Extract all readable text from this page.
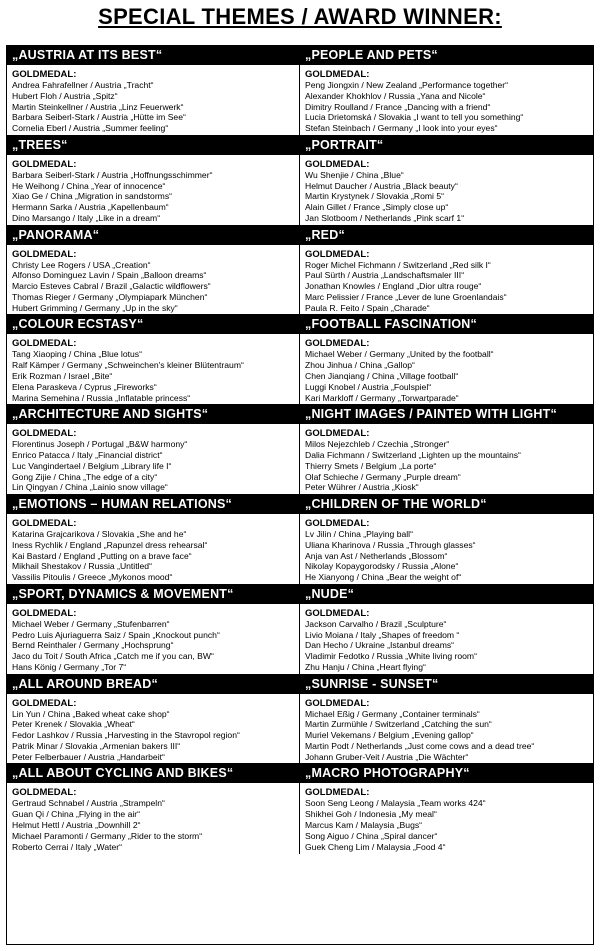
SPECIAL THEMES / AWARD WINNER:
„AUSTRIA AT ITS BEST“
GOLDMEDAL:
Andrea Fahrafellner / Austria „Tracht“
Hubert Floh / Austria „Spitz“
Martin Steinkellner / Austria „Linz Feuerwerk“
Barbara Seiberl-Stark / Austria „Hütte im See“
Cornelia Eberl / Austria „Summer feeling“
„PEOPLE AND PETS“
GOLDMEDAL:
Peng Jiongxin / New Zealand „Performance together“
Alexander Khokhlov / Russia „Yana and Nicole“
Dimitry Roulland / France „Dancing with a friend“
Lucia Drietomská / Slovakia „I want to tell you something“
Stefan Steinbach / Germany „I look into your eyes“
„TREES“
GOLDMEDAL:
Barbara Seiberl-Stark / Austria „Hoffnungsschimmer“
He Weihong / China „Year of innocence“
Xiao Ge / China „Migration in sandstorms“
Hermann Sarka / Austria „Kapellenbaum“
Dino Marsango / Italy „Like in a dream“
„PORTRAIT“
GOLDMEDAL:
Wu Shenjie / China „Blue“
Helmut Daucher / Austria „Black beauty“
Martin Krystynek / Slovakia „Romi 5“
Alain Gillet / France „Simply close up“
Jan Slotboom / Netherlands „Pink scarf 1“
„PANORAMA“
GOLDMEDAL:
Christy Lee Rogers / USA „Creation“
Alfonso Dominguez Lavin / Spain „Balloon dreams“
Marcio Esteves Cabral / Brazil „Galactic wildflowers“
Thomas Rieger / Germany „Olympiapark München“
Hubert Grimming / Germany „Up in the sky“
„RED“
GOLDMEDAL:
Roger Michel Fichmann / Switzerland „Red silk I“
Paul Sürth / Austria „Landschaftsmaler III“
Jonathan Knowles / England „Dior ultra rouge“
Marc Pelissier / France „Lever de lune Groenlandais“
Paula R. Feito / Spain „Charade“
„COLOUR ECSTASY“
GOLDMEDAL:
Tang Xiaoping / China „Blue lotus“
Ralf Kämper / Germany „Schweinchen's kleiner Blütentraum“
Erik Rozman / Israel „Bite“
Elena Paraskeva / Cyprus „Fireworks“
Marina Semehina / Russia „Inflatable princess“
„FOOTBALL FASCINATION“
GOLDMEDAL:
Michael Weber / Germany „United by the football“
Zhou Jinhua / China „Gallop“
Chen Jianqiang / China „Village football“
Luggi Knobel / Austria „Foulspiel“
Kari Markloff / Germany „Torwartparade“
„ARCHITECTURE AND SIGHTS“
GOLDMEDAL:
Florentinus Joseph / Portugal „B&W harmony“
Enrico Patacca / Italy „Financial district“
Luc Vangindertael / Belgium „Library life I“
Gong Zijie / China „The edge of a city“
Lin Qingyan / China „Lainio snow village“
„NIGHT IMAGES / PAINTED WITH LIGHT“
GOLDMEDAL:
Milos Nejezchleb / Czechia „Stronger“
Dalia Fichmann / Switzerland „Lighten up the mountains“
Thierry Smets / Belgium „La porte“
Olaf Schieche / Germany „Purple dream“
Peter Wührer / Austria „Kiosk“
„EMOTIONS – HUMAN RELATIONS“
GOLDMEDAL:
Katarina Grajcarikova / Slovakia „She and he“
Iness Rychlik / England „Rapunzel dress rehearsal“
Kai Bastard / England „Putting on a brave face“
Mikhail Shestakov / Russia „Untitled“
Vassilis Pitoulis / Greece „Mykonos mood“
„CHILDREN OF THE WORLD“
GOLDMEDAL:
Lv Jilin / China „Playing ball“
Uliana Kharinova / Russia „Through glasses“
Anja van Ast / Netherlands „Blossom“
Nikolay Kopaygorodsky / Russia „Alone“
He Xianyong / China „Bear the weight of“
„SPORT, DYNAMICS & MOVEMENT“
GOLDMEDAL:
Michael Weber / Germany „Stufenbarren“
Pedro Luis Ajuriaguerra Saiz / Spain „Knockout punch“
Bernd Reinthaler / Germany „Hochsprung“
Jaco du Toit / South Africa „Catch me if you can, BW“
Hans König / Germany „Tor 7“
„NUDE“
GOLDMEDAL:
Jackson Carvalho / Brazil „Sculpture“
Livio Moiana / Italy „Shapes of freedom “
Dan Hecho / Ukraine „Istanbul dreams“
Vladimir Fedotko / Russia „White living room“
Zhu Hanju / China „Heart flying“
„ALL AROUND BREAD“
GOLDMEDAL:
Lin Yun / China „Baked wheat cake shop“
Peter Krenek / Slovakia „Wheat“
Fedor Lashkov / Russia „Harvesting in the Stavropol region“
Patrik Minar / Slovakia „Armenian bakers III“
Peter Felberbauer / Austria „Handarbeit“
„SUNRISE - SUNSET“
GOLDMEDAL:
Michael Eßig / Germany „Container terminals“
Martin Zurmühle / Switzerland „Catching the sun“
Muriel Vekemans / Belgium „Evening gallop“
Martin Podt / Netherlands „Just come cows and a dead tree“
Johann Gruber-Veit / Austria „Die Wächter“
„ALL ABOUT CYCLING AND BIKES“
GOLDMEDAL:
Gertraud Schnabel / Austria „Strampeln“
Guan Qi / China „Flying in the air“
Helmut Hettl / Austria „Downhill 2“
Michael Paramonti / Germany „Rider to the storm“
Roberto Cerrai / Italy „Water“
„MACRO PHOTOGRAPHY“
GOLDMEDAL:
Soon Seng Leong / Malaysia „Team works 424“
Shikhei Goh / Indonesia „My meal“
Marcus Kam / Malaysia „Bugs“
Song Aiguo / China „Spiral dancer“
Guek Cheng Lim / Malaysia „Food 4“
